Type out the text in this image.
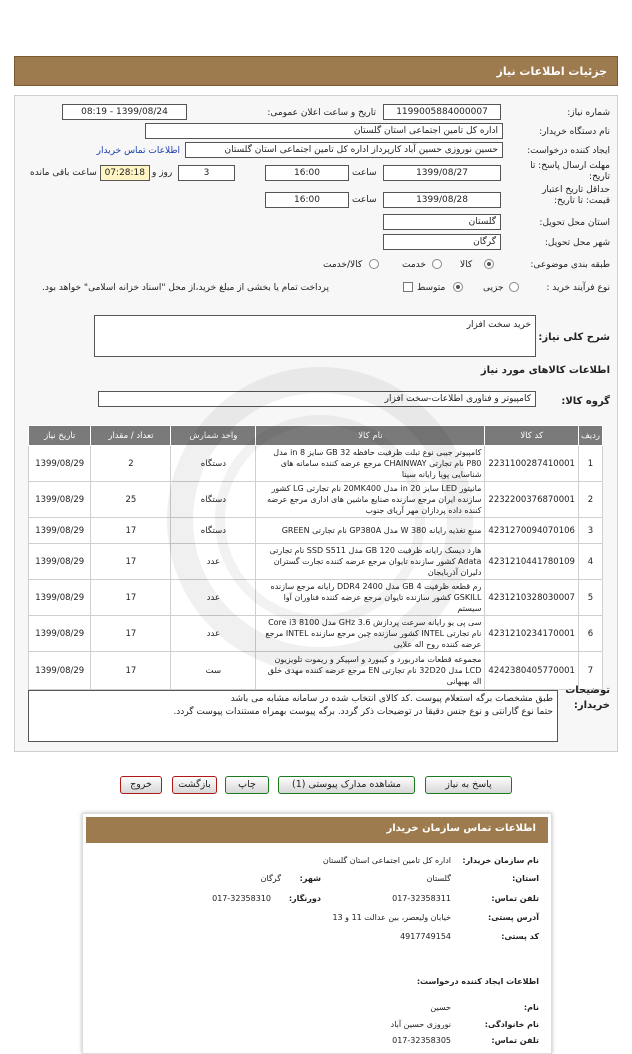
جزئیات اطلاعات نیاز
شماره نیاز:
1199005884000007
تاریخ و ساعت اعلان عمومی:
1399/08/24 - 08:19
نام دستگاه خریدار:
اداره کل تامین اجتماعی استان گلستان
ایجاد کننده درخواست:
حسین نوروزی حسین آباد کارپرداز اداره کل تامین اجتماعی استان گلستان
اطلاعات تماس خریدار
مهلت ارسال پاسخ: تا تاریخ:
1399/08/27
ساعت
16:00
3
روز و
07:28:18
ساعت باقی مانده
حداقل تاریخ اعتبار قیمت: تا تاریخ:
1399/08/28
ساعت
16:00
استان محل تحویل:
گلستان
شهر محل تحویل:
گرگان
طبقه بندی موضوعی:
کالا
خدمت
کالا/خدمت
نوع فرآیند خرید :
جزیی
متوسط
پرداخت تمام یا بخشی از مبلغ خرید،از محل "اسناد خزانه اسلامی" خواهد بود.
شرح کلی نیاز:
خرید سخت افزار
اطلاعات کالاهای مورد نیاز
گروه کالا:
کامپیوتر و فناوری اطلاعات-سخت افزار
ردیف	کد کالا	نام کالا	واحد شمارش	تعداد / مقدار	تاریخ نیاز
1	2231100287410001	کامپیوتر جیبی نوع تبلت ظرفیت حافظه 32 GB سایز 8 in مدل P80 نام تجارتی CHAINWAY مرجع عرضه کننده سامانه های شناسایی پویا رایانه سینا	دستگاه	2	1399/08/29
2	2232200376870001	مانیتور LED سایز 20 in مدل 20MK400 نام تجارتی LG کشور سازنده ایران مرجع سازنده صنایع ماشین های اداری مرجع عرضه کننده داده پردازان مهر آریای جنوب	دستگاه	25	1399/08/29
3	4231270094070106	منبع تغذیه رایانه 380 W مدل GP380A نام تجارتی GREEN	دستگاه	17	1399/08/29
4	4231210441780109	هارد دیسک رایانه ظرفیت 120 GB مدل SSD S511 نام تجارتی Adata کشور سازنده تایوان مرجع عرضه کننده تجارت گستران دلیران آذربایجان	عدد	17	1399/08/29
5	4231210328030007	رم قطعه ظرفیت 4 GB مدل DDR4 2400 رایانه مرجع سازنده GSKILL کشور سازنده تایوان مرجع عرضه کننده فناوران آوا سیستم	عدد	17	1399/08/29
6	4231210234170001	سی پی یو رایانه سرعت پردازش 3.6 GHz مدل Core i3 8100 نام تجارتی INTEL کشور سازنده چین مرجع سازنده INTEL مرجع عرضه کننده روح اله علایی	عدد	17	1399/08/29
7	4242380405770001	مجموعه قطعات مادربورد و کیبورد و اسپیکر و ریموت تلویزیون LCD مدل 32D20 نام تجارتی EN مرجع عرضه کننده مهدی خلق اله بهبهانی	ست	17	1399/08/29
توضیحات خریدار:
طبق مشخصات برگه استعلام پیوست .کد کالای انتخاب شده در سامانه مشابه می باشد
حتما نوع گارانتی و نوع جنس دقیقا در توضیحات ذکر گردد. برگه پیوست بهمراه مستندات پیوست گردد.
پاسخ به نیاز
مشاهده مدارک پیوستی (1)
چاپ
بازگشت
خروج
اطلاعات تماس سازمان خریدار
نام سازمان خریدار:
اداره کل تامین اجتماعی استان گلستان
استان:
گلستان
شهر:
گرگان
تلفن تماس:
017-32358311
دورنگار:
017-32358310
آدرس پستی:
خیابان ولیعصر، بین عدالت 11 و 13
کد پستی:
4917749154
اطلاعات ایجاد کننده درخواست:
نام:
حسین
نام خانوادگی:
نوروزی حسین آباد
تلفن تماس:
017-32358305
